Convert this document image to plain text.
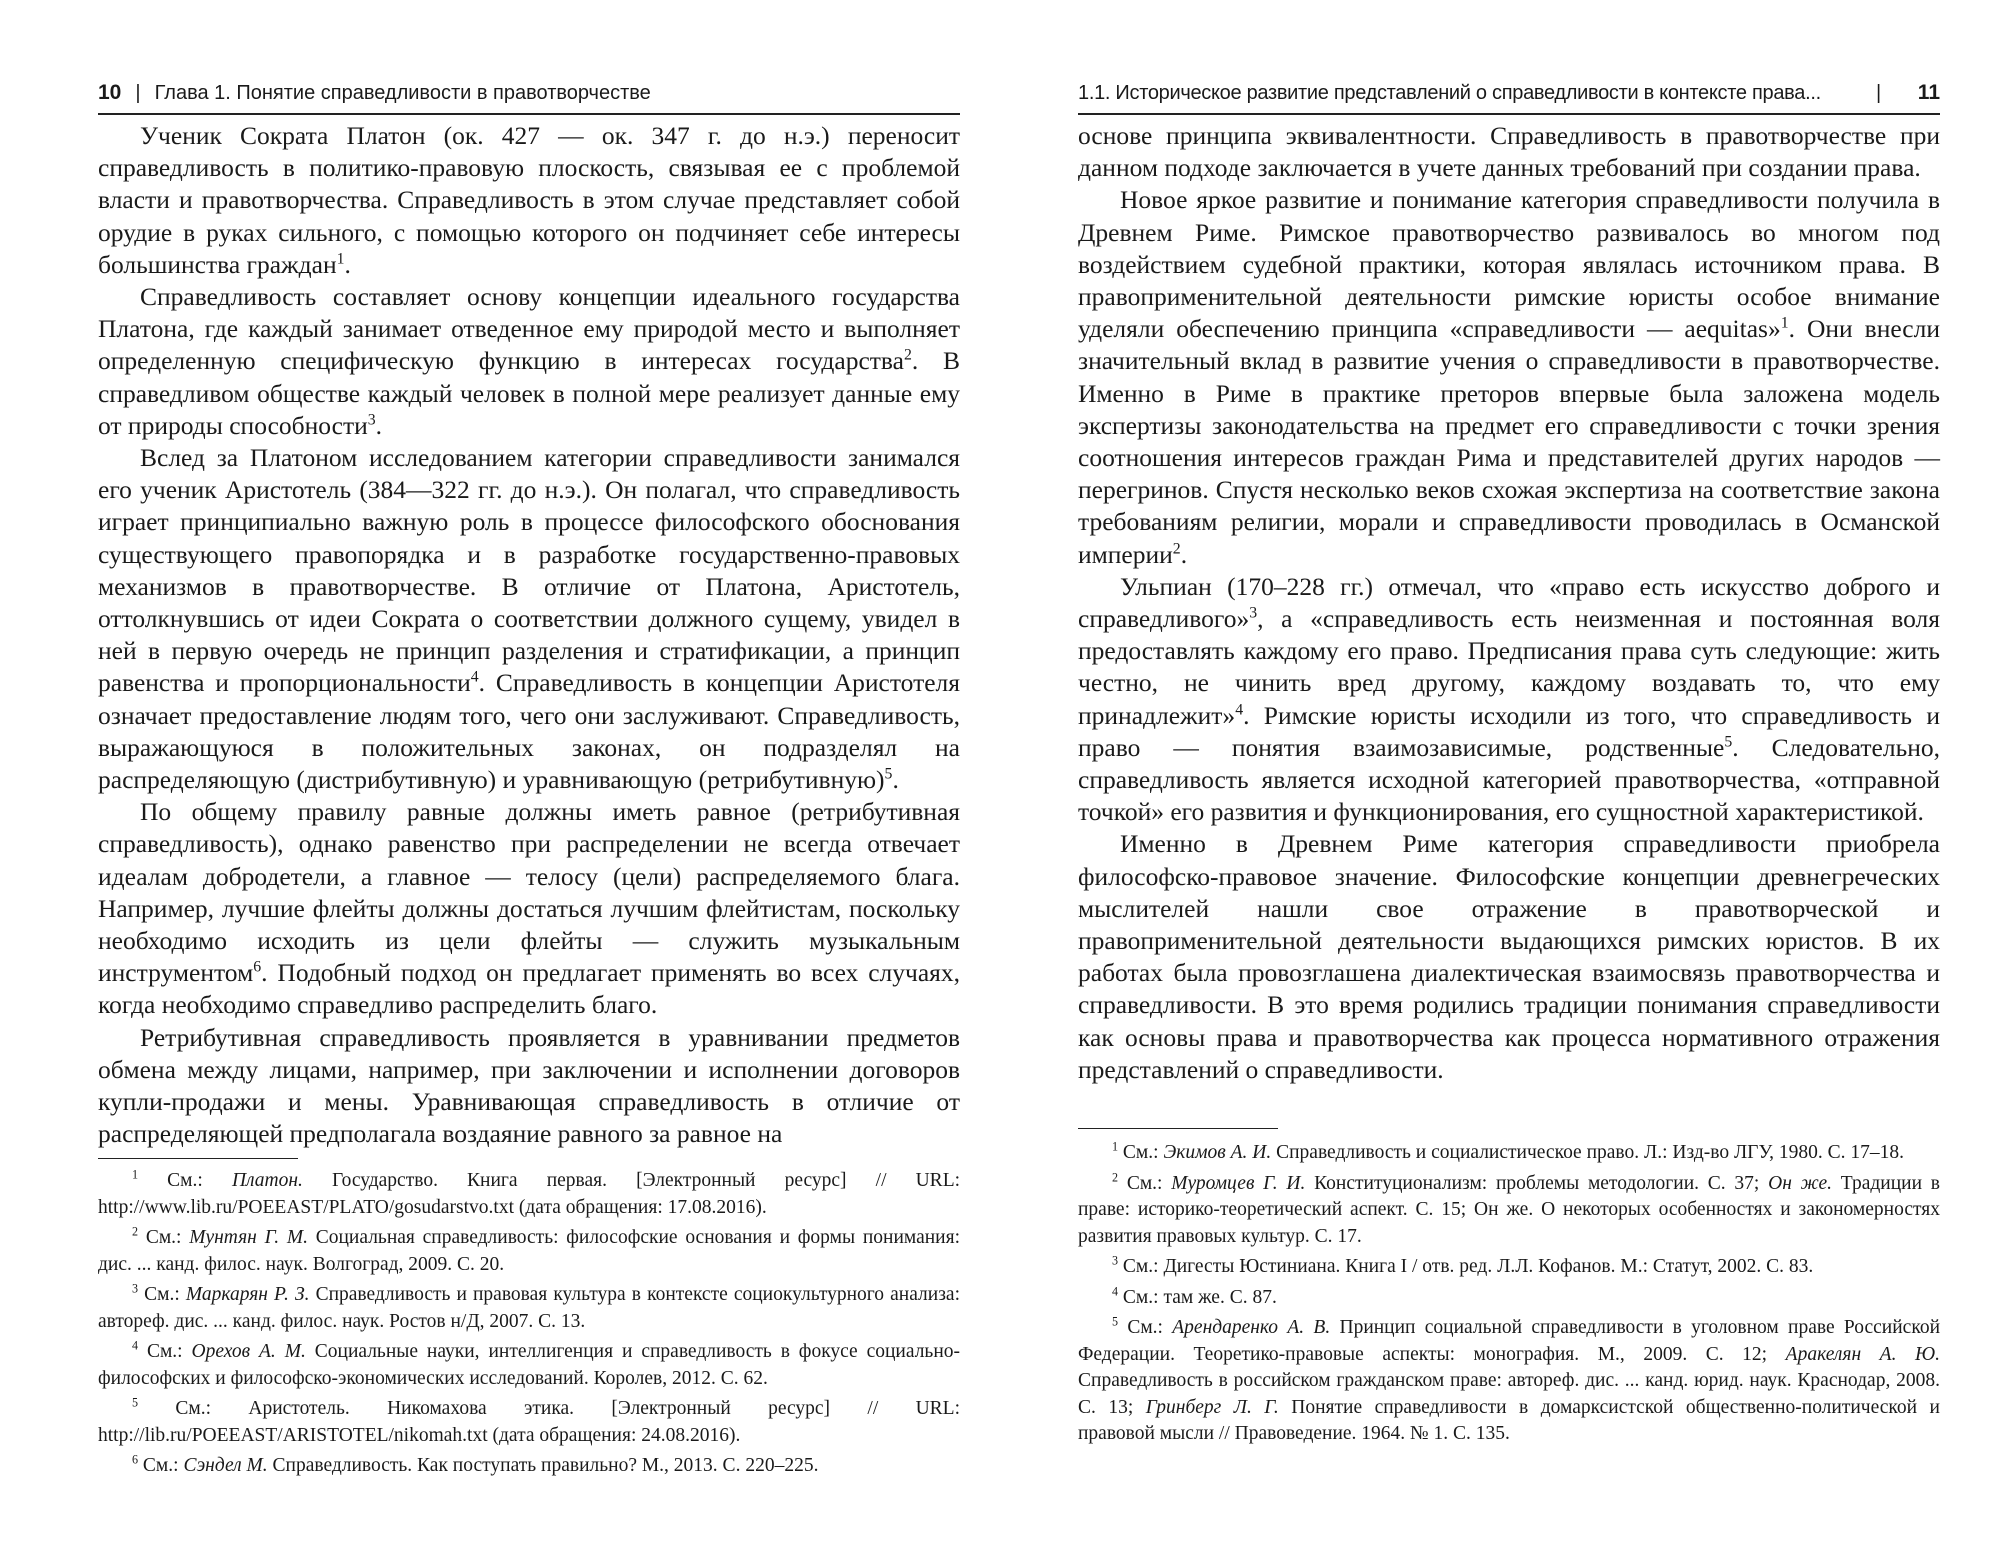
10 | Глава 1. Понятие справедливости в правотворчестве

Ученик Сократа Платон (ок. 427 — ок. 347 г. до н.э.) переносит справедливость в политико-правовую плоскость, связывая ее с проблемой власти и правотворчества. Справедливость в этом случае представляет собой орудие в руках сильного, с помощью которого он подчиняет себе интересы большинства граждан$^1$.

Справедливость составляет основу концепции идеального государства Платона, где каждый занимает отведенное ему природой место и выполняет определенную специфическую функцию в интересах государства$^2$. В справедливом обществе каждый человек в полной мере реализует данные ему от природы способности$^3$.

Вслед за Платоном исследованием категории справедливости занимался его ученик Аристотель (384—322 гг. до н.э.). Он полагал, что справедливость играет принципиально важную роль в процессе философского обоснования существующего правопорядка и в разработке государственно-правовых механизмов в правотворчестве. В отличие от Платона, Аристотель, оттолкнувшись от идеи Сократа о соответствии должного сущему, увидел в ней в первую очередь не принцип разделения и стратификации, а принцип равенства и пропорциональности$^4$. Справедливость в концепции Аристотеля означает предоставление людям того, чего они заслуживают. Справедливость, выражающуюся в положительных законах, он подразделял на распределяющую (дистрибутивную) и уравнивающую (ретрибутивную)$^5$.

По общему правилу равные должны иметь равное (ретрибутивная справедливость), однако равенство при распределении не всегда отвечает идеалам добродетели, а главное — телосу (цели) распределяемого блага. Например, лучшие флейты должны достаться лучшим флейтистам, поскольку необходимо исходить из цели флейты — служить музыкальным инструментом$^6$. Подобный подход он предлагает применять во всех случаях, когда необходимо справедливо распределить благо.

Ретрибутивная справедливость проявляется в уравнивании предметов обмена между лицами, например, при заключении и исполнении договоров купли-продажи и мены. Уравнивающая справедливость в отличие от распределяющей предполагала воздаяние равного за равное на

$^1$ См.: Платон. Государство. Книга первая. [Электронный ресурс] // URL: http://www.lib.ru/POEEAST/PLATO/gosudarstvo.txt (дата обращения: 17.08.2016).

$^2$ См.: Мунтян Г. М. Социальная справедливость: философские основания и формы понимания: дис. ... канд. филос. наук. Волгоград, 2009. С. 20.

$^3$ См.: Маркарян Р. З. Справедливость и правовая культура в контексте социокультурного анализа: автореф. дис. ... канд. филос. наук. Ростов н/Д, 2007. С. 13.

$^4$ См.: Орехов А. М. Социальные науки, интеллигенция и справедливость в фокусе социально-философских и философско-экономических исследований. Королев, 2012. С. 62.

$^5$ См.: Аристотель. Никомахова этика. [Электронный ресурс] // URL: http://lib.ru/POEEAST/ARISTOTEL/nikomah.txt (дата обращения: 24.08.2016).

$^6$ См.: Сэндел М. Справедливость. Как поступать правильно? М., 2013. С. 220–225.

1.1. Историческое развитие представлений о справедливости в контексте права...	| 11

основе принципа эквивалентности. Справедливость в правотворчестве при данном подходе заключается в учете данных требований при создании права.

Новое яркое развитие и понимание категория справедливости получила в Древнем Риме. Римское правотворчество развивалось во многом под воздействием судебной практики, которая являлась источником права. В правоприменительной деятельности римские юристы особое внимание уделяли обеспечению принципа «справедливости — aequitas»$^1$. Они внесли значительный вклад в развитие учения о справедливости в правотворчестве. Именно в Риме в практике преторов впервые была заложена модель экспертизы законодательства на предмет его справедливости с точки зрения соотношения интересов граждан Рима и представителей других народов — перегринов. Спустя несколько веков схожая экспертиза на соответствие закона требованиям религии, морали и справедливости проводилась в Османской империи$^2$.

Ульпиан (170–228 гг.) отмечал, что «право есть искусство доброго и справедливого»$^3$, а «справедливость есть неизменная и постоянная воля предоставлять каждому его право. Предписания права суть следующие: жить честно, не чинить вред другому, каждому воздавать то, что ему принадлежит»$^4$. Римские юристы исходили из того, что справедливость и право — понятия взаимозависимые, родственные$^5$. Следовательно, справедливость является исходной категорией правотворчества, «отправной точкой» его развития и функционирования, его сущностной характеристикой.

Именно в Древнем Риме категория справедливости приобрела философско-правовое значение. Философские концепции древнегреческих мыслителей нашли свое отражение в правотворческой и правоприменительной деятельности выдающихся римских юристов. В их работах была провозглашена диалектическая взаимосвязь правотворчества и справедливости. В это время родились традиции понимания справедливости как основы права и правотворчества как процесса нормативного отражения представлений о справедливости.

$^1$ См.: Экимов А. И. Справедливость и социалистическое право. Л.: Изд-во ЛГУ, 1980. С. 17–18.

$^2$ См.: Муромцев Г. И. Конституционализм: проблемы методологии. С. 37; Он же. Традиции в праве: историко-теоретический аспект. С. 15; Он же. О некоторых особенностях и закономерностях развития правовых культур. С. 17.

$^3$ См.: Дигесты Юстиниана. Книга I / отв. ред. Л.Л. Кофанов. М.: Статут, 2002. С. 83.

$^4$ См.: там же. С. 87.

$^5$ См.: Арендаренко А. В. Принцип социальной справедливости в уголовном праве Российской Федерации. Теоретико-правовые аспекты: монография. М., 2009. С. 12; Аракелян А. Ю. Справедливость в российском гражданском праве: автореф. дис. ... канд. юрид. наук. Краснодар, 2008. С. 13; Гринберг Л. Г. Понятие справедливости в домарксистской общественно-политической и правовой мысли // Правоведение. 1964. № 1. С. 135.
